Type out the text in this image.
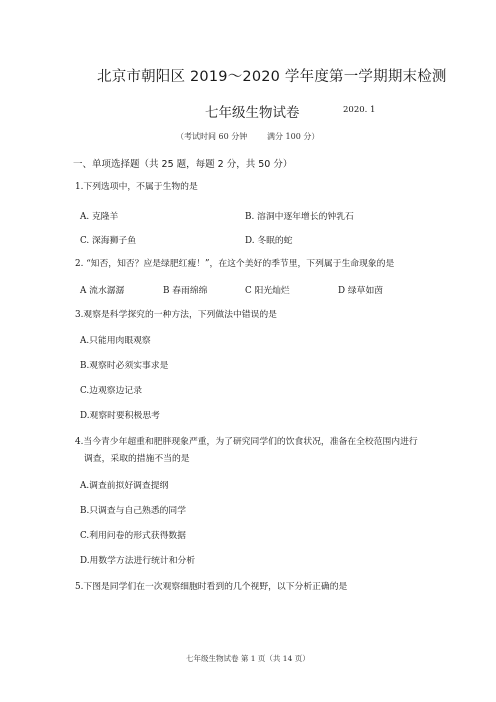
北京市朝阳区 2019～2020 学年度第一学期期末检测
七年级生物试卷	2020. 1
（考试时间 60 分钟 满分 100 分）
一、单项选择题（共 25 题，每题 2 分，共 50 分）
1.下列选项中，不属于生物的是
A. 克隆羊	B. 溶洞中逐年增长的钟乳石
C. 深海狮子鱼	D. 冬眠的蛇
2. “知否，知否？应是绿肥红瘦！”，在这个美好的季节里，下列属于生命现象的是
A 流水潺潺	B 春雨绵绵	C 阳光灿烂	D 绿草如茵
3.观察是科学探究的一种方法，下列做法中错误的是
A.只能用肉眼观察
B.观察时必须实事求是
C.边观察边记录
D.观察时要积极思考
4.当今青少年超重和肥胖现象严重，为了研究同学们的饮食状况，准备在全校范围内进行
调查，采取的措施不当的是
A.调查前拟好调查提纲
B.只调查与自己熟悉的同学
C.利用问卷的形式获得数据
D.用数学方法进行统计和分析
5.下图是同学们在一次观察细胞时看到的几个视野，以下分析正确的是
七年级生物试卷 第 1 页（共 14 页）
